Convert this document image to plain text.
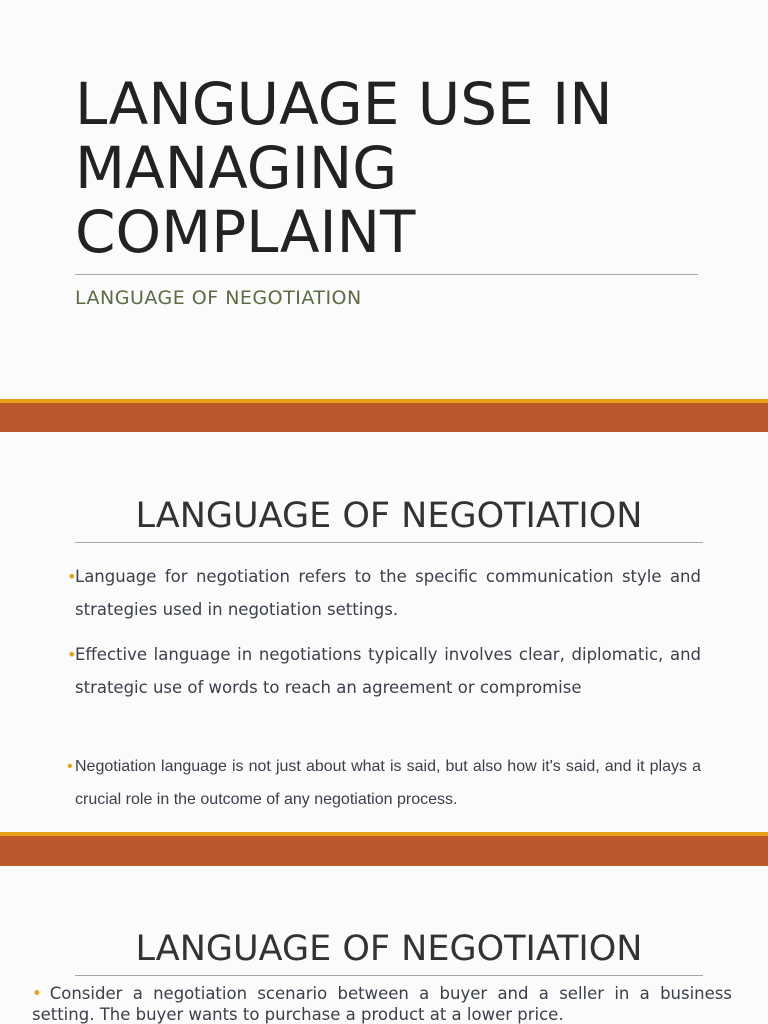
LANGUAGE USE IN
MANAGING
COMPLAINT
LANGUAGE OF NEGOTIATION
LANGUAGE OF NEGOTIATION
•
Language for negotiation refers to the specific communication style and strategies used in negotiation settings.
•
Effective language in negotiations typically involves clear, diplomatic, and strategic use of words to reach an agreement or compromise
• Negotiation language is not just about what is said, but also how it's said, and it plays a crucial role in the outcome of any negotiation process.
LANGUAGE OF NEGOTIATION
• Consider a negotiation scenario between a buyer and a seller in a business setting. The buyer wants to purchase a product at a lower price.
